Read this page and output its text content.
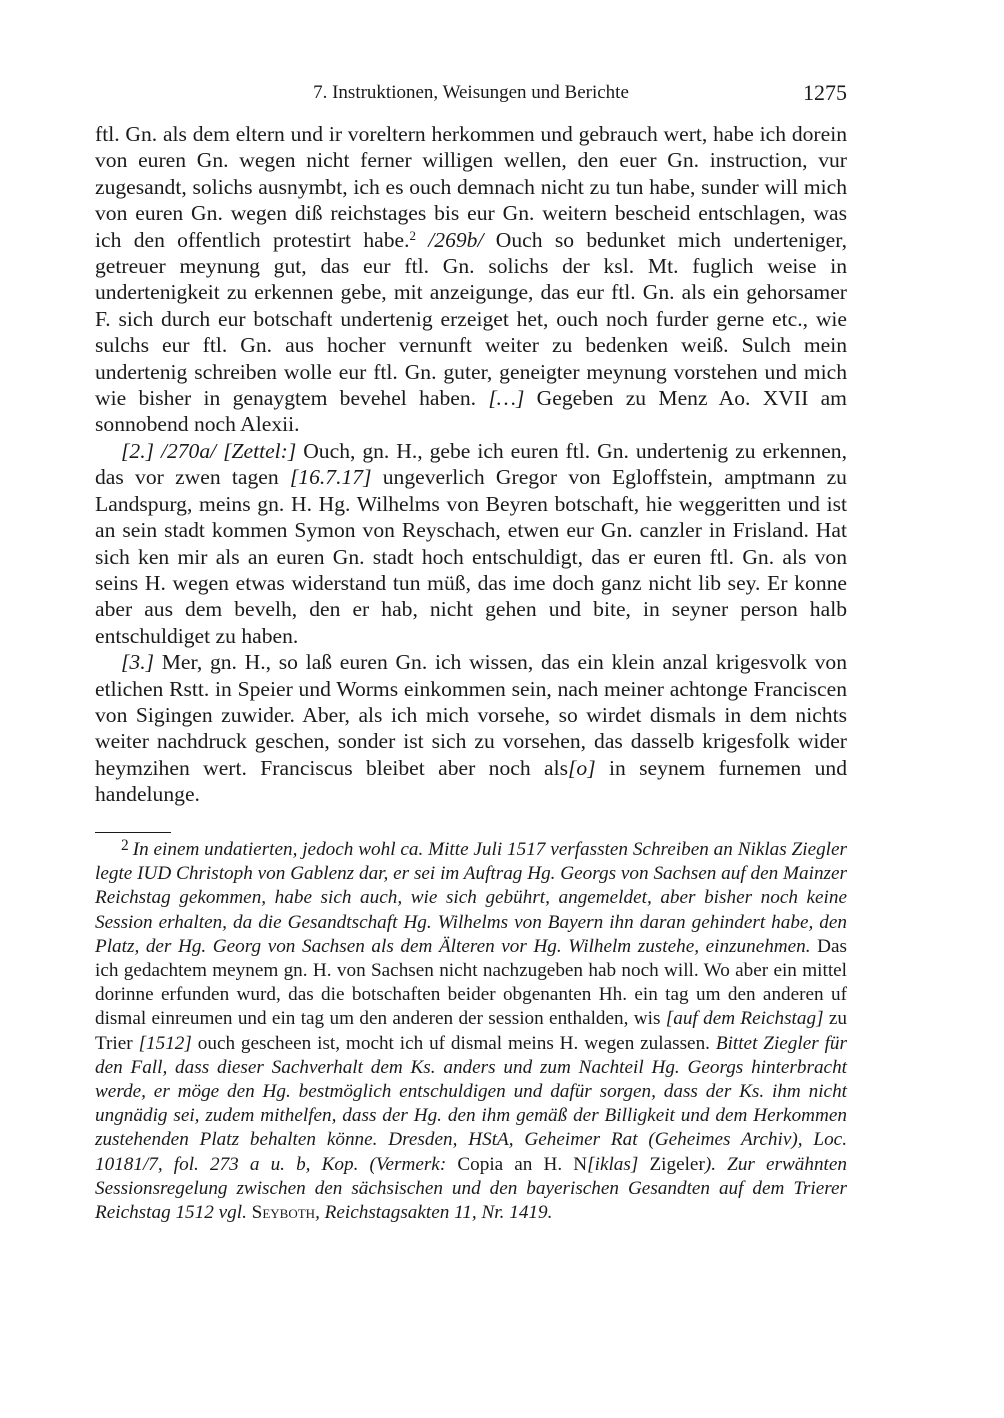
7. Instruktionen, Weisungen und Berichte	1275

ftl. Gn. als dem eltern und ir voreltern herkommen und gebrauch wert, habe ich dorein von euren Gn. wegen nicht ferner willigen wellen, den euer Gn. instruction, vur zugesandt, solichs ausnymbt, ich es ouch demnach nicht zu tun habe, sunder will mich von euren Gn. wegen diß reichstages bis eur Gn. weitern bescheid entschlagen, was ich den offentlich protestirt habe.$^2$ /269b/ Ouch so bedunket mich underteniger, getreuer meynung gut, das eur ftl. Gn. solichs der ksl. Mt. fuglich weise in undertenigkeit zu erkennen gebe, mit anzeigunge, das eur ftl. Gn. als ein gehorsamer F. sich durch eur botschaft undertenig erzeiget het, ouch noch furder gerne etc., wie sulchs eur ftl. Gn. aus hocher vernunft weiter zu bedenken weiß. Sulch mein undertenig schreiben wolle eur ftl. Gn. guter, geneigter meynung vorstehen und mich wie bisher in genaygtem bevehel haben. […] Gegeben zu Menz Ao. XVII am sonnobend noch Alexii.

[2.] /270a/ [Zettel:] Ouch, gn. H., gebe ich euren ftl. Gn. undertenig zu erkennen, das vor zwen tagen [16.7.17] ungeverlich Gregor von Egloffstein, amptmann zu Landspurg, meins gn. H. Hg. Wilhelms von Beyren botschaft, hie weggeritten und ist an sein stadt kommen Symon von Reyschach, etwen eur Gn. canzler in Frisland. Hat sich ken mir als an euren Gn. stadt hoch entschuldigt, das er euren ftl. Gn. als von seins H. wegen etwas widerstand tun müß, das ime doch ganz nicht lib sey. Er konne aber aus dem bevelh, den er hab, nicht gehen und bite, in seyner person halb entschuldiget zu haben.

[3.] Mer, gn. H., so laß euren Gn. ich wissen, das ein klein anzal krigesvolk von etlichen Rstt. in Speier und Worms einkommen sein, nach meiner achtonge Franciscen von Sigingen zuwider. Aber, als ich mich vorsehe, so wirdet dismals in dem nichts weiter nachdruck geschen, sonder ist sich zu vorsehen, das dasselb krigesfolk wider heymzihen wert. Franciscus bleibet aber noch als[o] in seynem furnemen und handelunge.

$^2$ In einem undatierten, jedoch wohl ca. Mitte Juli 1517 verfassten Schreiben an Niklas Ziegler legte IUD Christoph von Gablenz dar, er sei im Auftrag Hg. Georgs von Sachsen auf den Mainzer Reichstag gekommen, habe sich auch, wie sich gebührt, angemeldet, aber bisher noch keine Session erhalten, da die Gesandtschaft Hg. Wilhelms von Bayern ihn daran gehindert habe, den Platz, der Hg. Georg von Sachsen als dem Älteren vor Hg. Wilhelm zustehe, einzunehmen. Das ich gedachtem meynem gn. H. von Sachsen nicht nachzugeben hab noch will. Wo aber ein mittel dorinne erfunden wurd, das die botschaften beider obgenanten Hh. ein tag um den anderen uf dismal einreumen und ein tag um den anderen der session enthalden, wis [auf dem Reichstag] zu Trier [1512] ouch gescheen ist, mocht ich uf dismal meins H. wegen zulassen. Bittet Ziegler für den Fall, dass dieser Sachverhalt dem Ks. anders und zum Nachteil Hg. Georgs hinterbracht werde, er möge den Hg. bestmöglich entschuldigen und dafür sorgen, dass der Ks. ihm nicht ungnädig sei, zudem mithelfen, dass der Hg. den ihm gemäß der Billigkeit und dem Herkommen zustehenden Platz behalten könne. Dresden, HStA, Geheimer Rat (Geheimes Archiv), Loc. 10181/7, fol. 273 a u. b, Kop. (Vermerk: Copia an H. N[iklas] Zigeler). Zur erwähnten Sessionsregelung zwischen den sächsischen und den bayerischen Gesandten auf dem Trierer Reichstag 1512 vgl. Seyboth, Reichstagsakten 11, Nr. 1419.
